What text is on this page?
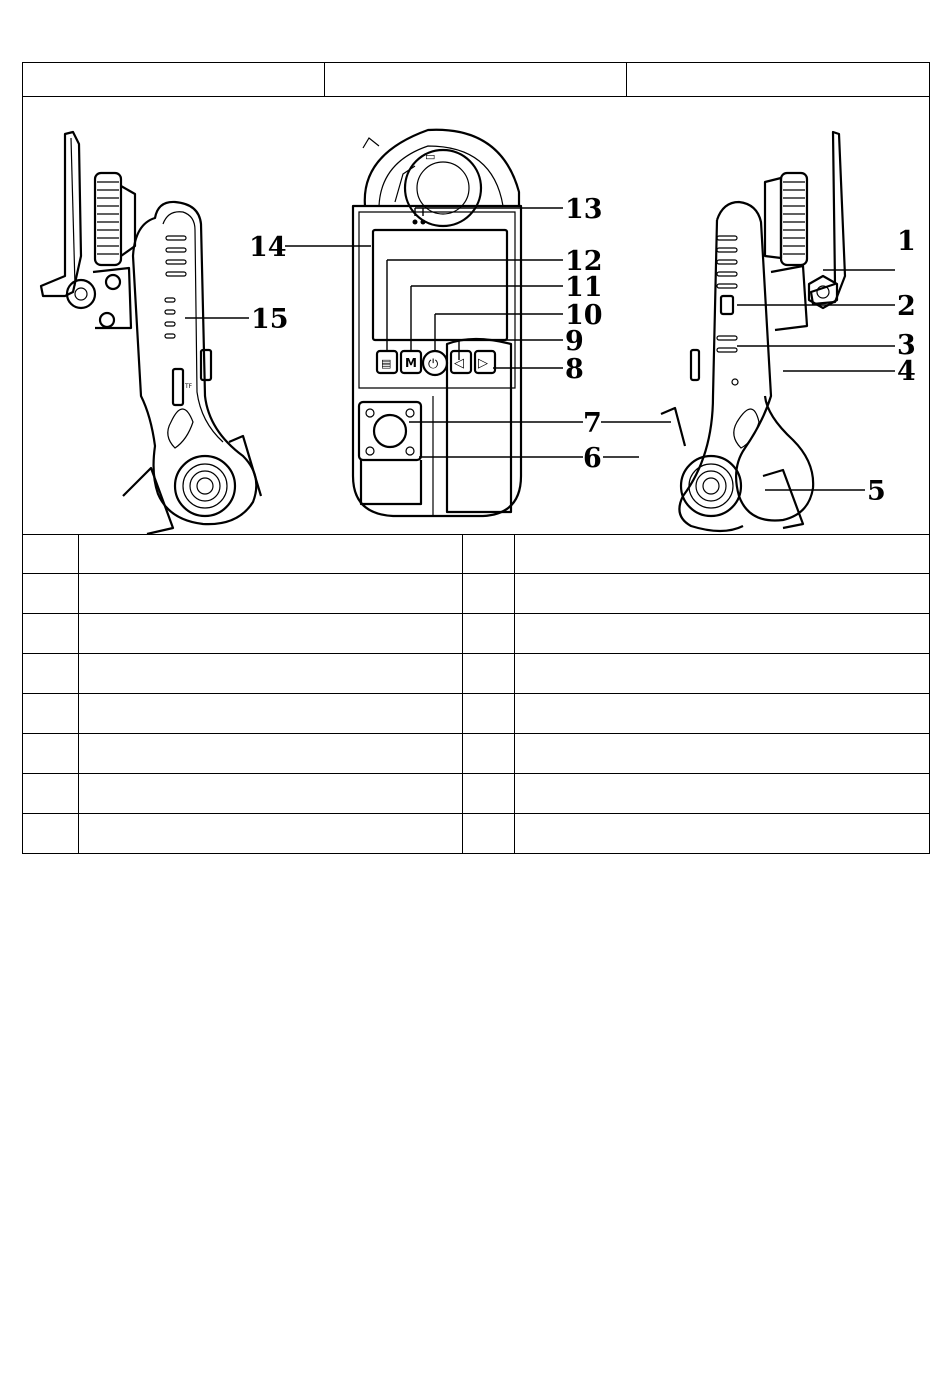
TF
▭
▤ M ⏻ ◁ ▷
1
2
3
4
5
6
7
8
9
10
11
12
13
14
15
